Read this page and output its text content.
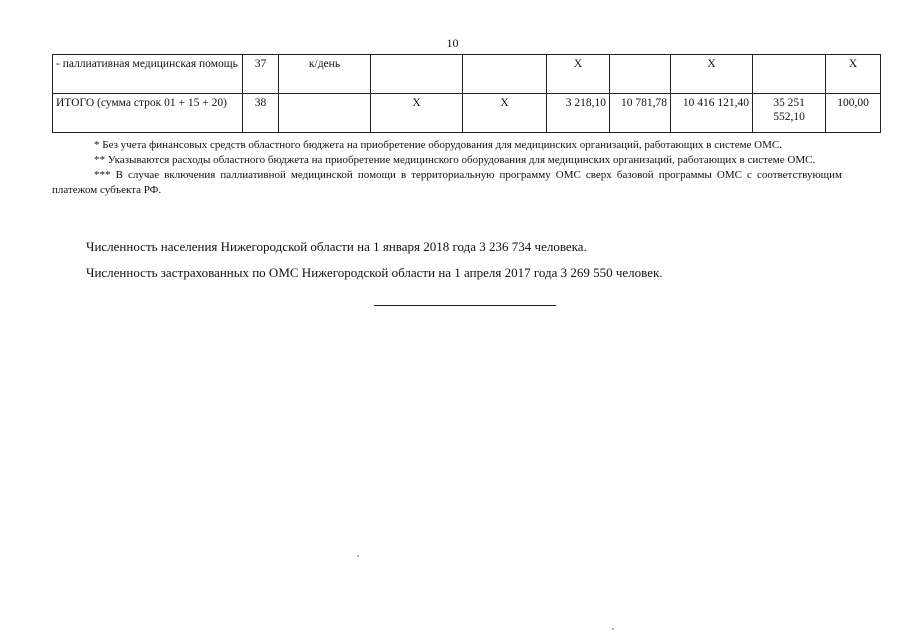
10
- паллиативная медицинская помощь	37	к/день			X		X		X
ИТОГО (сумма строк 01 + 15 + 20)	38		X	X	3 218,10	10 781,78	10 416 121,40	35 251 552,10	100,00

* Без учета финансовых средств областного бюджета на приобретение оборудования для медицинских организаций, работающих в системе ОМС.

** Указываются расходы областного бюджета на приобретение медицинского оборудования для медицинских организаций, работающих в системе ОМС.

*** В случае включения паллиативной медицинской помощи в территориальную программу ОМС сверх базовой программы ОМС с соответствующим платежом субъекта РФ.

Численность населения Нижегородской области на 1 января 2018 года 3 236 734 человека.
Численность застрахованных по ОМС Нижегородской области на 1 апреля 2017 года 3 269 550 человек.
